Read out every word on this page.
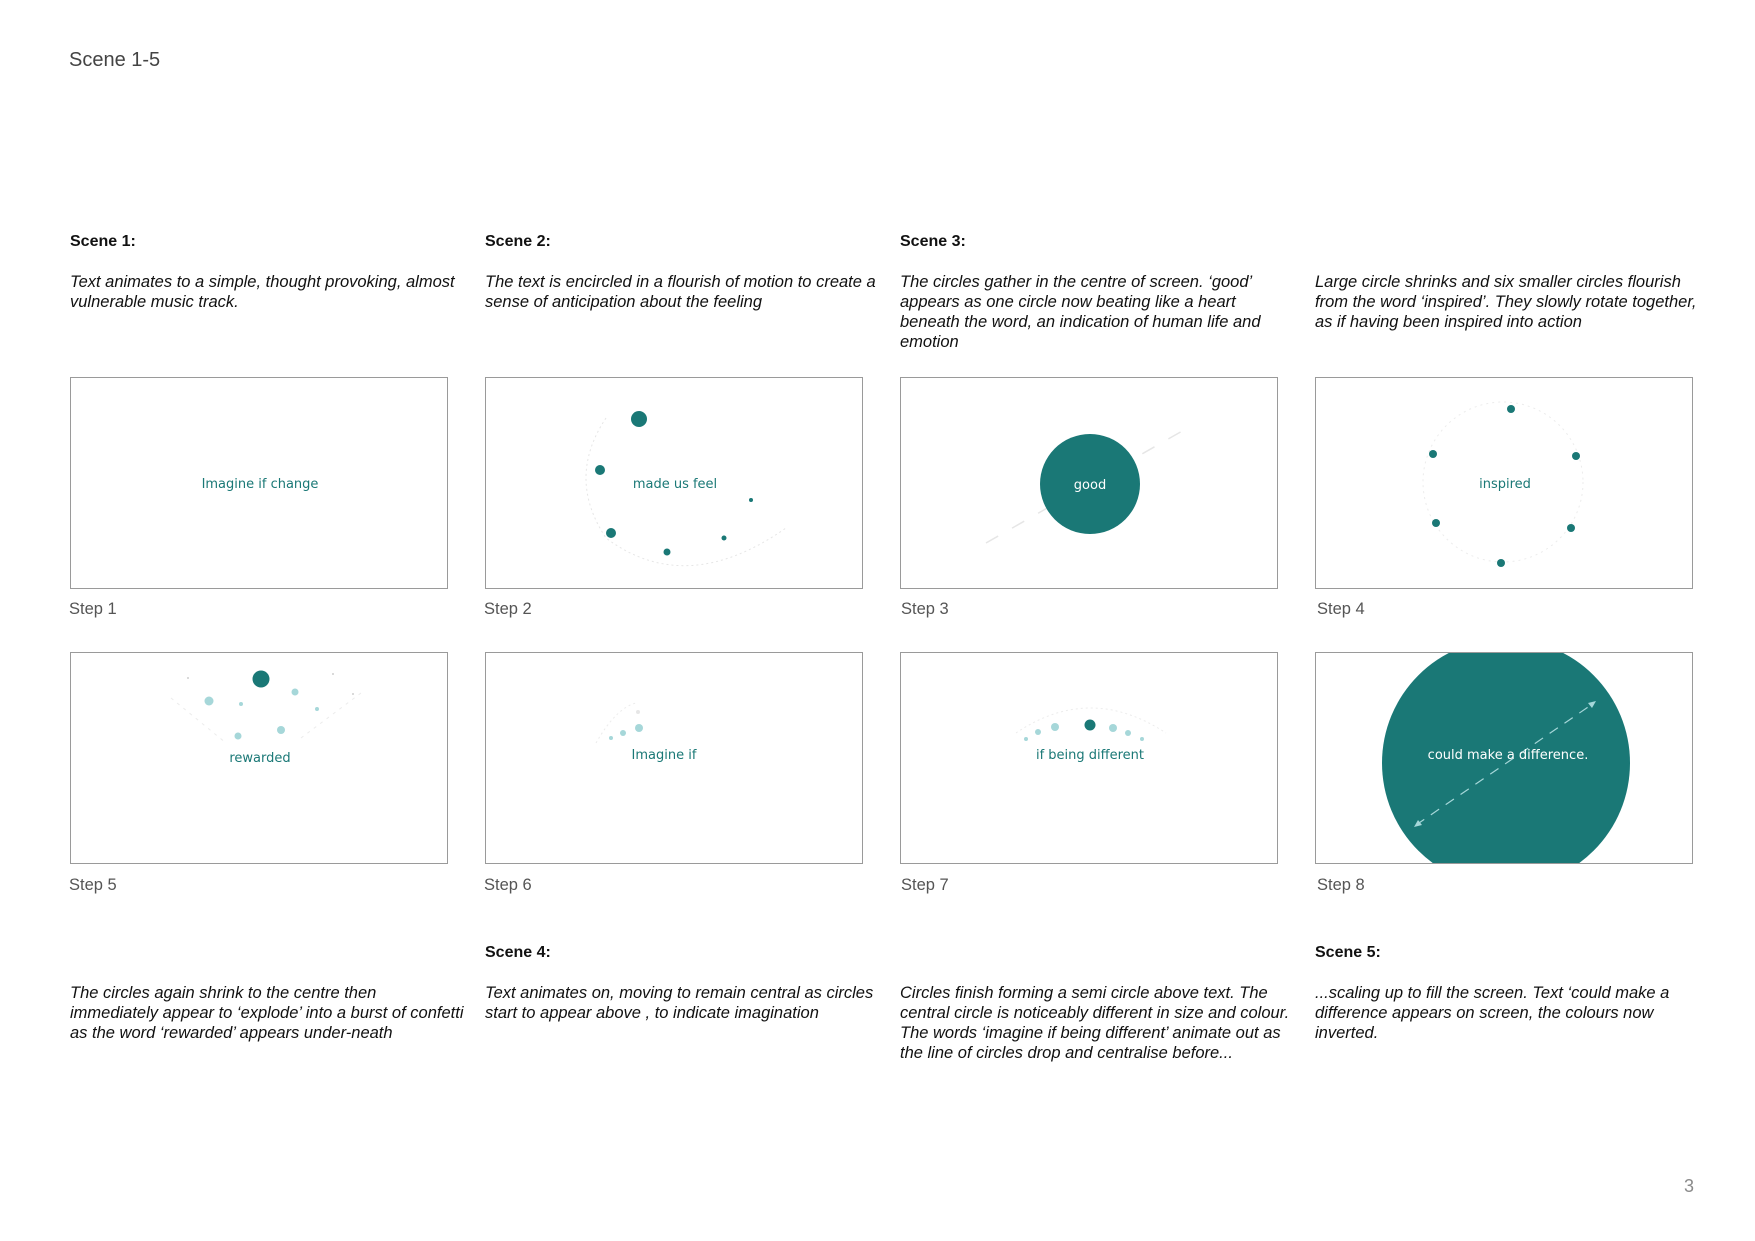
Scene 1-5
Scene 1:
Text animates to a simple, thought provoking, almost vulnerable music track.
Scene 2:
The text is encircled in a flourish of motion to create a sense of anticipation about the feeling
Scene 3:
The circles gather in the centre of screen. ‘good’ appears as one circle now beating like a heart beneath the word, an indication of human life and emotion
Large circle shrinks and six smaller circles flourish from the word ‘inspired’. They slowly rotate together, as if having been inspired into action
Imagine if change
Step 1
made us feel
Step 2
good
Step 3
inspired
Step 4
rewarded
Step 5
Imagine if
Step 6
if being different
Step 7
could make a difference.
Step 8
The circles again shrink to the centre then immediately appear to ‘explode’ into a burst of confetti as the word ‘rewarded’ appears under-neath
Scene 4:
Text animates on, moving to remain central as circles start to appear above , to indicate imagination
Circles finish forming a semi circle above text. The central circle is noticeably different in size and colour. The words ‘imagine if being different’ animate out as the line of circles drop and centralise before...
Scene 5:
...scaling up to fill the screen. Text ‘could make a difference appears on screen, the colours now inverted.
3
